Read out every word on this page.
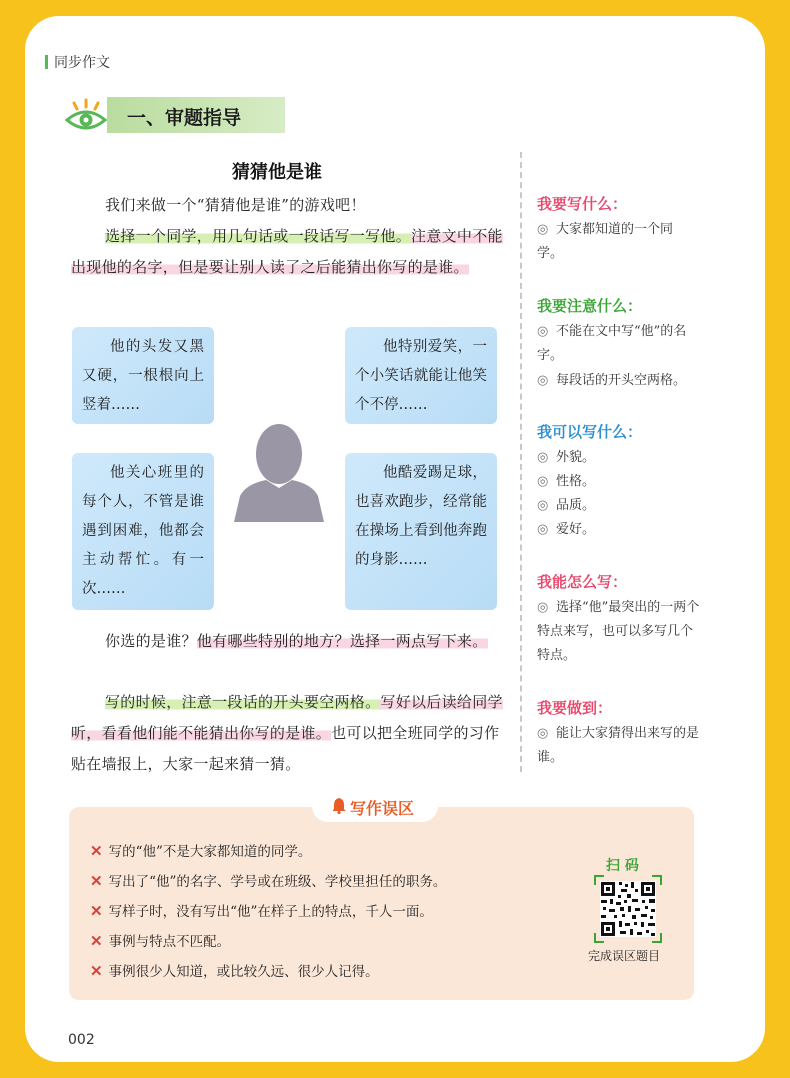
同步作文
一、审题指导
猜猜他是谁
我们来做一个“猜猜他是谁”的游戏吧！
选择一个同学，用几句话或一段话写一写他。注意文中不能出现他的名字，但是要让别人读了之后能猜出你写的是谁。
他的头发又黑又硬，一根根向上竖着……
他特别爱笑，一个小笑话就能让他笑个不停……
他关心班里的每个人，不管是谁遇到困难，他都会主动帮忙。有一次……
他酷爱踢足球，也喜欢跑步，经常能在操场上看到他奔跑的身影……
你选的是谁？他有哪些特别的地方？选择一两点写下来。
写的时候，注意一段话的开头要空两格。写好以后读给同学听，看看他们能不能猜出你写的是谁。也可以把全班同学的习作贴在墙报上，大家一起来猜一猜。
我要写什么：
◎ 大家都知道的一个同学。
我要注意什么：
◎ 不能在文中写“他”的名字。
◎ 每段话的开头空两格。
我可以写什么：
◎ 外貌。
◎ 性格。
◎ 品质。
◎ 爱好。
我能怎么写：
◎ 选择“他”最突出的一两个特点来写，也可以多写几个特点。
我要做到：
◎ 能让大家猜得出来写的是谁。
写作误区
✕ 写的“他”不是大家都知道的同学。
✕ 写出了“他”的名字、学号或在班级、学校里担任的职务。
✕ 写样子时，没有写出“他”在样子上的特点，千人一面。
✕ 事例与特点不匹配。
✕ 事例很少人知道，或比较久远、很少人记得。
扫 码
完成误区题目
002
